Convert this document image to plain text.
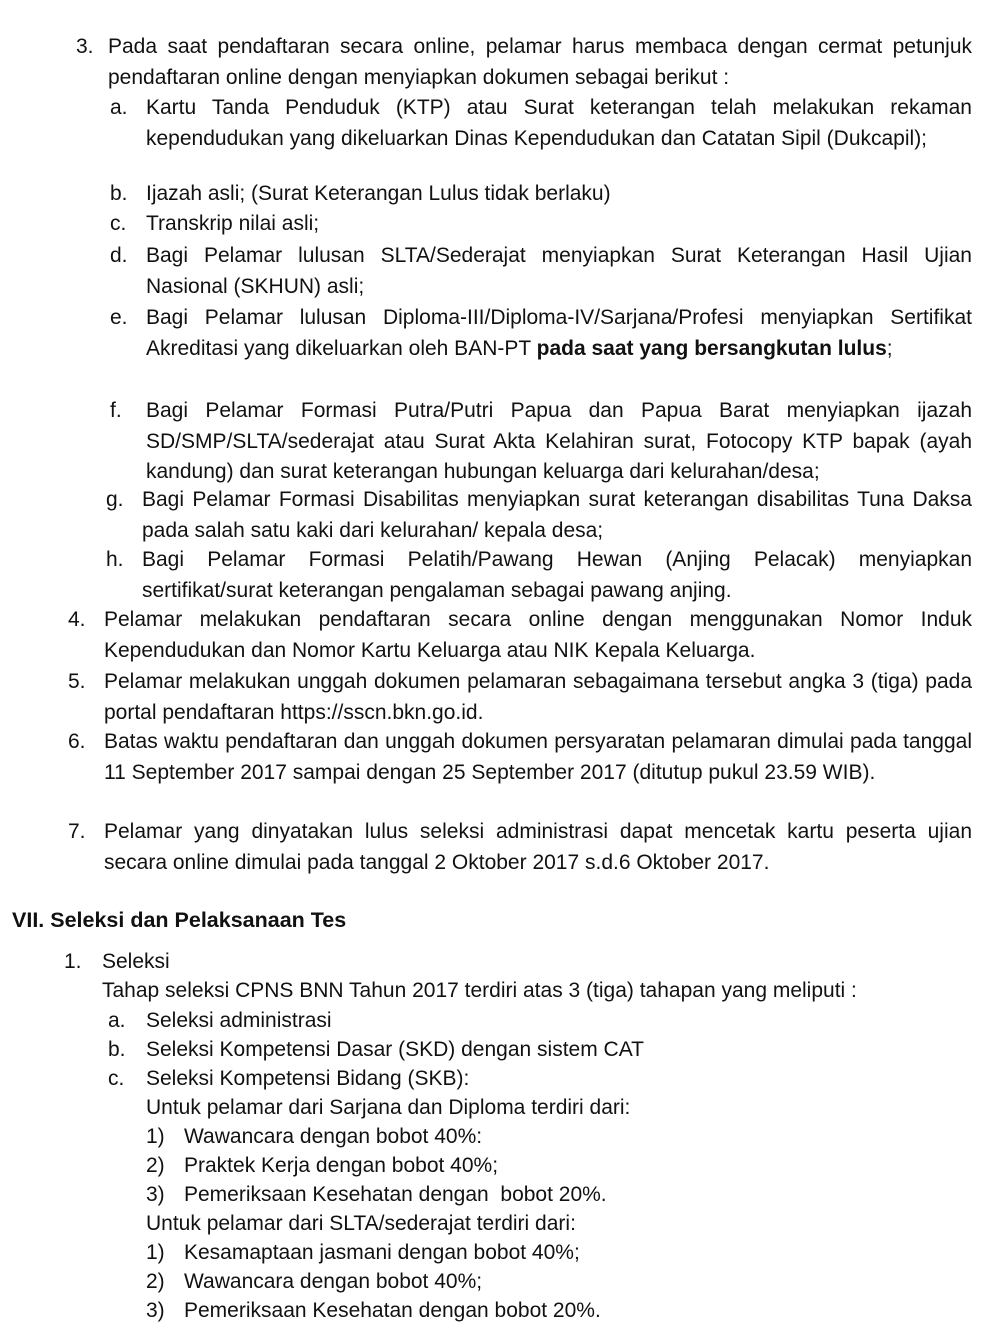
3. Pada saat pendaftaran secara online, pelamar harus membaca dengan cermat petunjuk pendaftaran online dengan menyiapkan dokumen sebagai berikut :
a. Kartu Tanda Penduduk (KTP) atau Surat keterangan telah melakukan rekaman kependudukan yang dikeluarkan Dinas Kependudukan dan Catatan Sipil (Dukcapil);
b. Ijazah asli; (Surat Keterangan Lulus tidak berlaku)
c. Transkrip nilai asli;
d. Bagi Pelamar lulusan SLTA/Sederajat menyiapkan Surat Keterangan Hasil Ujian Nasional (SKHUN) asli;
e. Bagi Pelamar lulusan Diploma-III/Diploma-IV/Sarjana/Profesi menyiapkan Sertifikat Akreditasi yang dikeluarkan oleh BAN-PT pada saat yang bersangkutan lulus;
f. Bagi Pelamar Formasi Putra/Putri Papua dan Papua Barat menyiapkan ijazah SD/SMP/SLTA/sederajat atau Surat Akta Kelahiran surat, Fotocopy KTP bapak (ayah kandung) dan surat keterangan hubungan keluarga dari kelurahan/desa;
g. Bagi Pelamar Formasi Disabilitas menyiapkan surat keterangan disabilitas Tuna Daksa pada salah satu kaki dari kelurahan/ kepala desa;
h. Bagi Pelamar Formasi Pelatih/Pawang Hewan (Anjing Pelacak) menyiapkan sertifikat/surat keterangan pengalaman sebagai pawang anjing.
4. Pelamar melakukan pendaftaran secara online dengan menggunakan Nomor Induk Kependudukan dan Nomor Kartu Keluarga atau NIK Kepala Keluarga.
5. Pelamar melakukan unggah dokumen pelamaran sebagaimana tersebut angka 3 (tiga) pada portal pendaftaran https://sscn.bkn.go.id.
6. Batas waktu pendaftaran dan unggah dokumen persyaratan pelamaran dimulai pada tanggal 11 September 2017 sampai dengan 25 September 2017 (ditutup pukul 23.59 WIB).
7. Pelamar yang dinyatakan lulus seleksi administrasi dapat mencetak kartu peserta ujian secara online dimulai pada tanggal 2 Oktober 2017 s.d.6 Oktober 2017.
VII. Seleksi dan Pelaksanaan Tes
1. Seleksi
Tahap seleksi CPNS BNN Tahun 2017 terdiri atas 3 (tiga) tahapan yang meliputi :
a. Seleksi administrasi
b. Seleksi Kompetensi Dasar (SKD) dengan sistem CAT
c. Seleksi Kompetensi Bidang (SKB):
Untuk pelamar dari Sarjana dan Diploma terdiri dari:
1) Wawancara dengan bobot 40%:
2) Praktek Kerja dengan bobot 40%;
3) Pemeriksaan Kesehatan dengan  bobot 20%.
Untuk pelamar dari SLTA/sederajat terdiri dari:
1) Kesamaptaan jasmani dengan bobot 40%;
2) Wawancara dengan bobot 40%;
3) Pemeriksaan Kesehatan dengan bobot 20%.
